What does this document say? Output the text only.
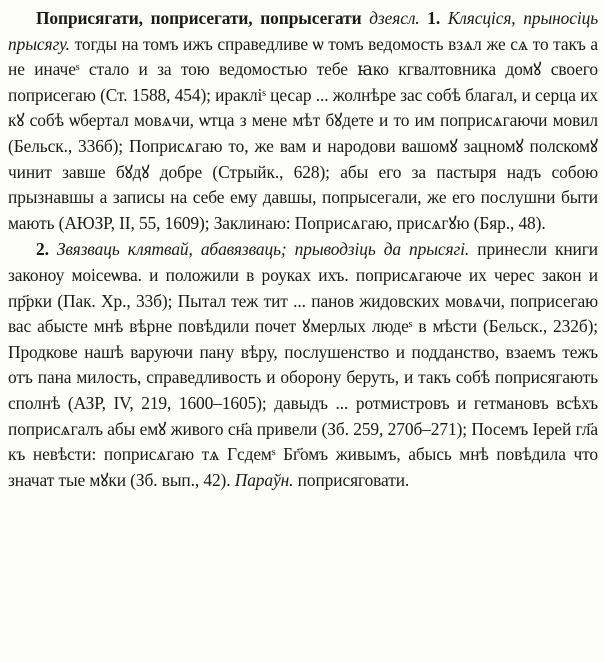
Поприсягати, поприсегати, попрысегати дзеясл. 1. Клясціся, прыносіць прысягу. тогды на томъ ижъ справедливе ѡ томъ ведомость взѧл же сѧ то такъ а не иначеˢ стало и за тою ведомостью тебе ꙗко кгвалтовника домꙋ своего поприсегаю (Ст. 1588, 454); иракліˢ цесар ... жолнѣре зас собѣ благал, и серца их кꙋ собѣ ѡбертал мовѧчи, ѡтца з мене мѣт бꙋдете и то им поприсѧгаючи мовил (Бельск., 336б); Поприсѧгаю то, же вам и народови вашомꙋ зацномꙋ полскомꙋ чинит завше бꙋдꙋ добре (Стрыйк., 628); абы его за пастыря надъ собою прызнавшы а записы на себе ему давшы, попрысегали, же его послушни быти мають (АЮЗР, II, 55, 1609); Заклинаю: Поприсѧгаю, присѧгꙋю (Бяр., 48).

2. Звязваць клятвай, абавязваць; прыводзіць да прысягі. принесли книги законоу моiсеѡва. и положили в роуках ихъ. поприсѧгаюче их черес закон и пр҃рки (Пак. Хр., 33б); Пытал теж тит ... панов жидовских мовѧчи, поприсегаю вас абысте мнѣ вѣрне повѣдили почет ꙋмерлых людеˢ в мѣсти (Бельск., 232б); Продкове нашѣ варуючи пану вѣру, послушенство и подданство, взаемъ тежъ отъ пана милость, справедливость и оборону беруть, и такъ собѣ поприсягають сполнѣ (АЗР, IV, 219, 1600–1605); давыдъ ... ротмистровъ и гетмановъ всѣхъ поприсѧгалъ абы емꙋ живого сн҃а привели (Зб. 259, 270б–271); Посемъ Іерей гл҃а къ невѣсти: поприсѧгаю тѧ Гсдемˢ Бг҃омъ живымъ, абысь мнѣ повѣдила что значат тые мꙋки (Зб. вып., 42). Параўн. поприсяговати.
